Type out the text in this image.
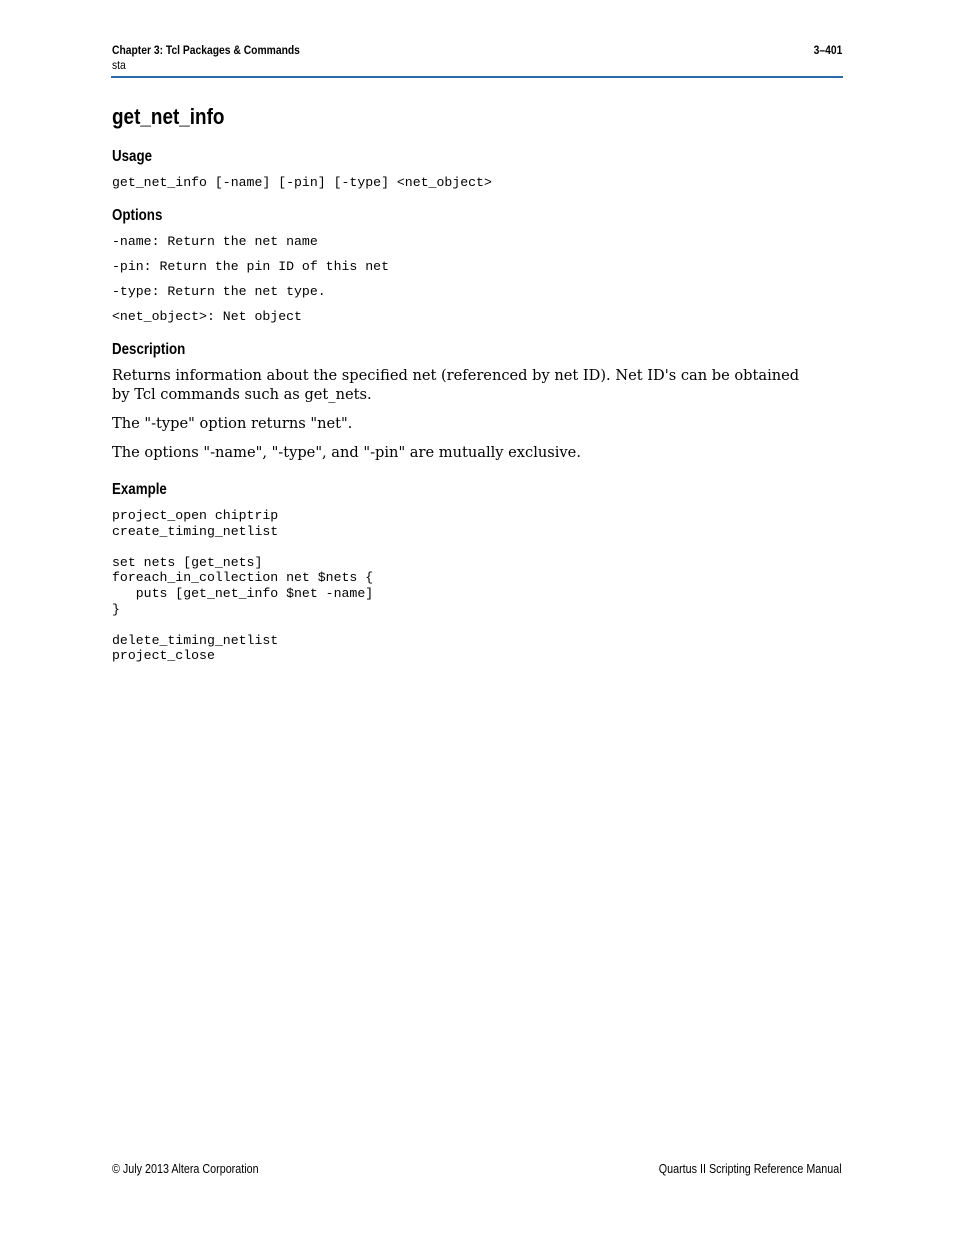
Chapter 3: Tcl Packages & Commands	3–401
sta
get_net_info
Usage
get_net_info [-name] [-pin] [-type] <net_object>
Options
-name: Return the net name
-pin: Return the pin ID of this net
-type: Return the net type.
<net_object>: Net object
Description
Returns information about the specified net (referenced by net ID). Net ID's can be obtained by Tcl commands such as get_nets.
The "-type" option returns "net".
The options "-name", "-type", and "-pin" are mutually exclusive.
Example
project_open chiptrip
create_timing_netlist

set nets [get_nets]
foreach_in_collection net $nets {
puts [get_net_info $net -name]
}

delete_timing_netlist
project_close
© July 2013 Altera Corporation	Quartus II Scripting Reference Manual
